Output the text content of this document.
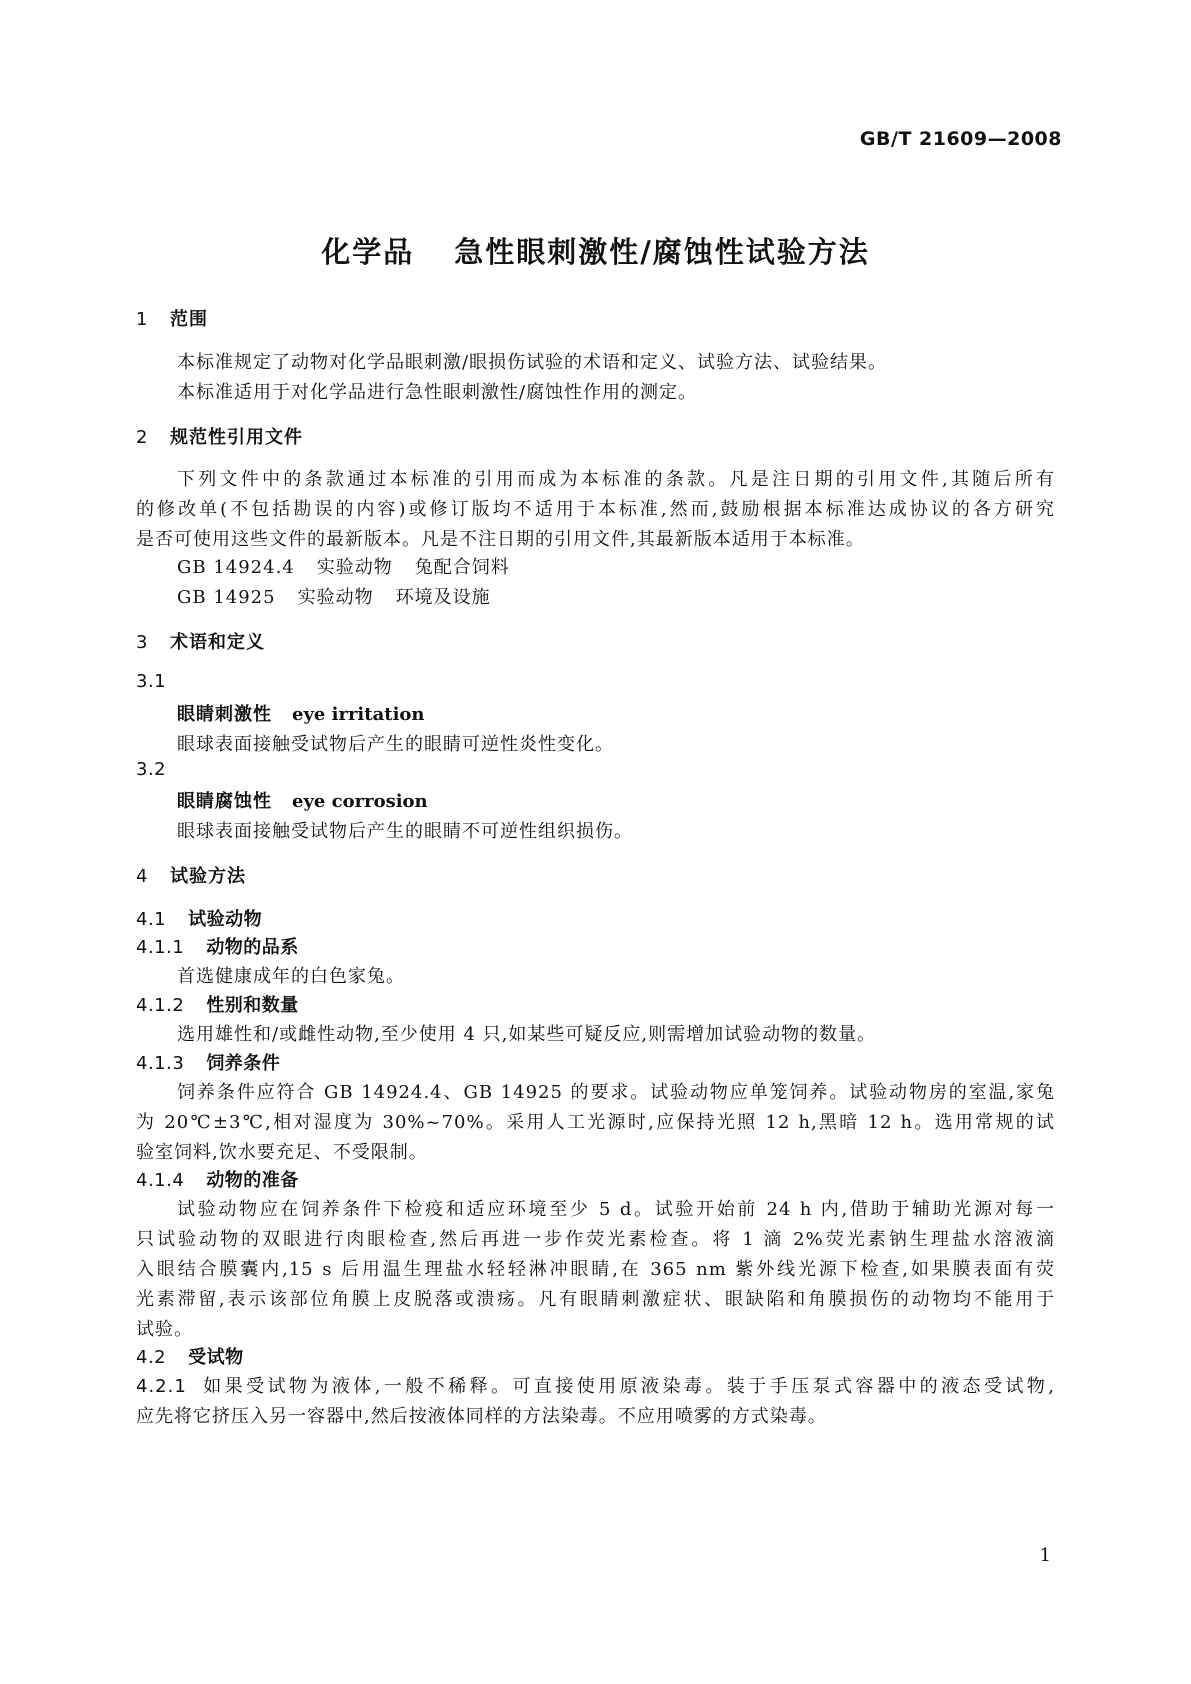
GB/T 21609—2008
化学品 急性眼刺激性/腐蚀性试验方法
1 范围
本标准规定了动物对化学品眼刺激/眼损伤试验的术语和定义、试验方法、试验结果。
本标准适用于对化学品进行急性眼刺激性/腐蚀性作用的测定。
2 规范性引用文件
下列文件中的条款通过本标准的引用而成为本标准的条款。凡是注日期的引用文件,其随后所有
的修改单(不包括勘误的内容)或修订版均不适用于本标准,然而,鼓励根据本标准达成协议的各方研究
是否可使用这些文件的最新版本。凡是不注日期的引用文件,其最新版本适用于本标准。
GB 14924.4 实验动物 兔配合饲料
GB 14925 实验动物 环境及设施
3 术语和定义
3.1
眼睛刺激性 eye irritation
眼球表面接触受试物后产生的眼睛可逆性炎性变化。
3.2
眼睛腐蚀性 eye corrosion
眼球表面接触受试物后产生的眼睛不可逆性组织损伤。
4 试验方法
4.1 试验动物
4.1.1 动物的品系
首选健康成年的白色家兔。
4.1.2 性别和数量
选用雄性和/或雌性动物,至少使用 4 只,如某些可疑反应,则需增加试验动物的数量。
4.1.3 饲养条件
饲养条件应符合 GB 14924.4、GB 14925 的要求。试验动物应单笼饲养。试验动物房的室温,家兔
为 20℃±3℃,相对湿度为 30%~70%。采用人工光源时,应保持光照 12 h,黑暗 12 h。选用常规的试
验室饲料,饮水要充足、不受限制。
4.1.4 动物的准备
试验动物应在饲养条件下检疫和适应环境至少 5 d。试验开始前 24 h 内,借助于辅助光源对每一
只试验动物的双眼进行肉眼检查,然后再进一步作荧光素检查。将 1 滴 2%荧光素钠生理盐水溶液滴
入眼结合膜囊内,15 s 后用温生理盐水轻轻淋冲眼睛,在 365 nm 紫外线光源下检查,如果膜表面有荧
光素滞留,表示该部位角膜上皮脱落或溃疡。凡有眼睛刺激症状、眼缺陷和角膜损伤的动物均不能用于
试验。
4.2 受试物
4.2.1 如果受试物为液体,一般不稀释。可直接使用原液染毒。装于手压泵式容器中的液态受试物,
应先将它挤压入另一容器中,然后按液体同样的方法染毒。不应用喷雾的方式染毒。
1
